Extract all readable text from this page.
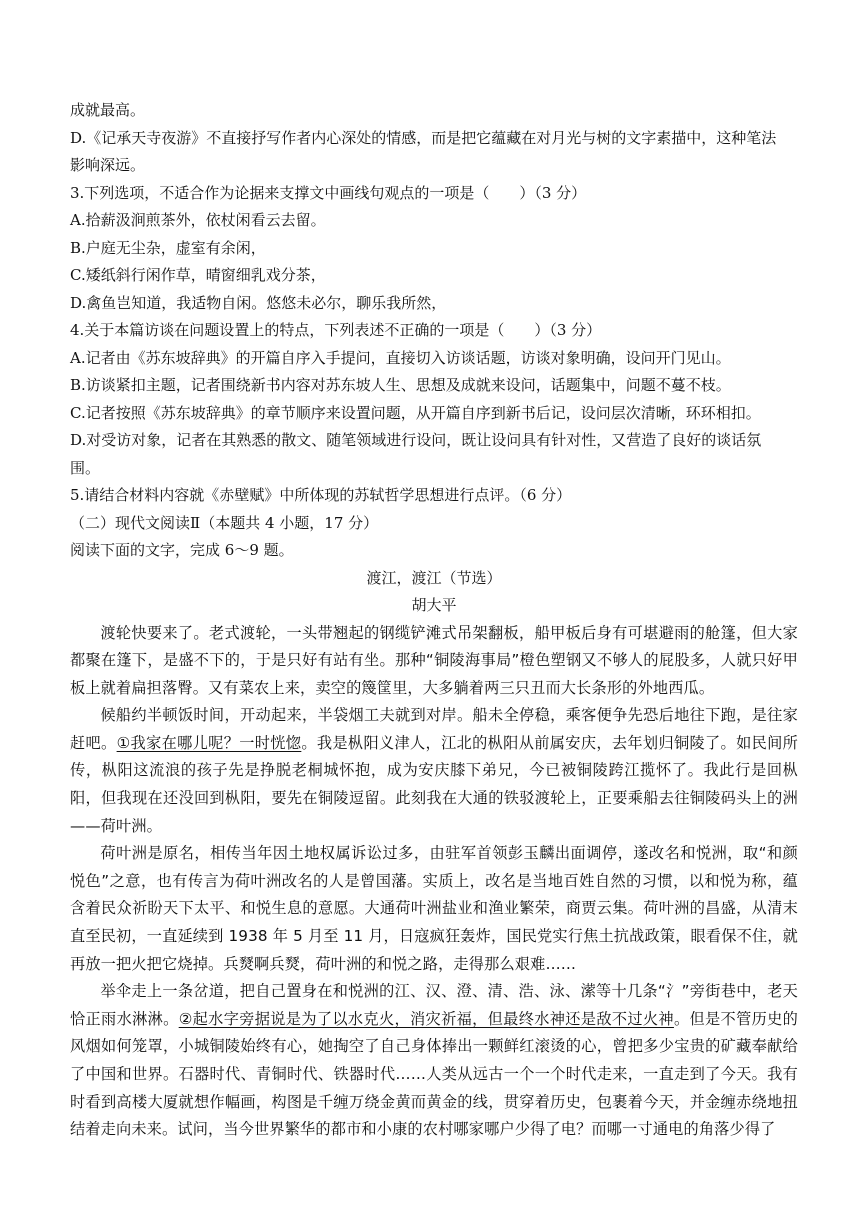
成就最高。
D.《记承天寺夜游》不直接抒写作者内心深处的情感，而是把它蕴藏在对月光与树的文字素描中，这种笔法
影响深远。
3.下列选项，不适合作为论据来支撑文中画线句观点的一项是（　　）（3 分）
A.拾薪汲涧煎茶外，依杖闲看云去留。
B.户庭无尘杂，虚室有余闲，
C.矮纸斜行闲作草，晴窗细乳戏分茶，
D.禽鱼岂知道，我适物自闲。悠悠未必尔，聊乐我所然，
4.关于本篇访谈在问题设置上的特点，下列表述不正确的一项是（　　）（3 分）
A.记者由《苏东坡辞典》的开篇自序入手提问，直接切入访谈话题，访谈对象明确，设问开门见山。
B.访谈紧扣主题，记者围绕新书内容对苏东坡人生、思想及成就来设问，话题集中，问题不蔓不枝。
C.记者按照《苏东坡辞典》的章节顺序来设置问题，从开篇自序到新书后记，设问层次清晰，环环相扣。
D.对受访对象，记者在其熟悉的散文、随笔领域进行设问，既让设问具有针对性，又营造了良好的谈话氛
围。
5.请结合材料内容就《赤壁赋》中所体现的苏轼哲学思想进行点评。（6 分）
（二）现代文阅读Ⅱ（本题共 4 小题，17 分）
阅读下面的文字，完成 6～9 题。
渡江，渡江（节选）
胡大平

渡轮快要来了。老式渡轮，一头带翘起的钢缆铲滩式吊架翻板，船甲板后身有可堪避雨的舱篷，但大家都聚在篷下，是盛不下的，于是只好有站有坐。那种“铜陵海事局”橙色塑钢又不够人的屁股多，人就只好甲板上就着扁担落臀。又有菜农上来，卖空的篾筐里，大多躺着两三只丑而大长条形的外地西瓜。

候船约半顿饭时间，开动起来，半袋烟工夫就到对岸。船未全停稳，乘客便争先恐后地往下跑，是往家赶吧。①我家在哪儿呢？一时恍惚。我是枞阳义津人，江北的枞阳从前属安庆，去年划归铜陵了。如民间所传，枞阳这流浪的孩子先是挣脱老桐城怀抱，成为安庆膝下弟兄，今已被铜陵跨江揽怀了。我此行是回枞阳，但我现在还没回到枞阳，要先在铜陵逗留。此刻我在大通的铁驳渡轮上，正要乘船去往铜陵码头上的洲——荷叶洲。

荷叶洲是原名，相传当年因土地权属诉讼过多，由驻军首领彭玉麟出面调停，遂改名和悦洲，取“和颜悦色”之意，也有传言为荷叶洲改名的人是曾国藩。实质上，改名是当地百姓自然的习惯，以和悦为称，蕴含着民众祈盼天下太平、和悦生息的意愿。大通荷叶洲盐业和渔业繁荣，商贾云集。荷叶洲的昌盛，从清末直至民初，一直延续到 1938 年 5 月至 11 月，日寇疯狂轰炸，国民党实行焦土抗战政策，眼看保不住，就再放一把火把它烧掉。兵燹啊兵燹，荷叶洲的和悦之路，走得那么艰难……

举伞走上一条岔道，把自己置身在和悦洲的江、汉、澄、清、浩、泳、潆等十几条“氵”旁街巷中，老天恰正雨水淋淋。②起水字旁据说是为了以水克火，消灾祈福，但最终水神还是敌不过火神。但是不管历史的风烟如何笼罩，小城铜陵始终有心，她掏空了自己身体捧出一颗鲜红滚烫的心，曾把多少宝贵的矿藏奉献给了中国和世界。石器时代、青铜时代、铁器时代……人类从远古一个一个时代走来，一直走到了今天。我有时看到高楼大厦就想作幅画，构图是千缠万绕金黄而黄金的线，贯穿着历史，包裹着今天，并金缠赤绕地扭结着走向未来。试问，当今世界繁华的都市和小康的农村哪家哪户少得了电？而哪一寸通电的角落少得了
